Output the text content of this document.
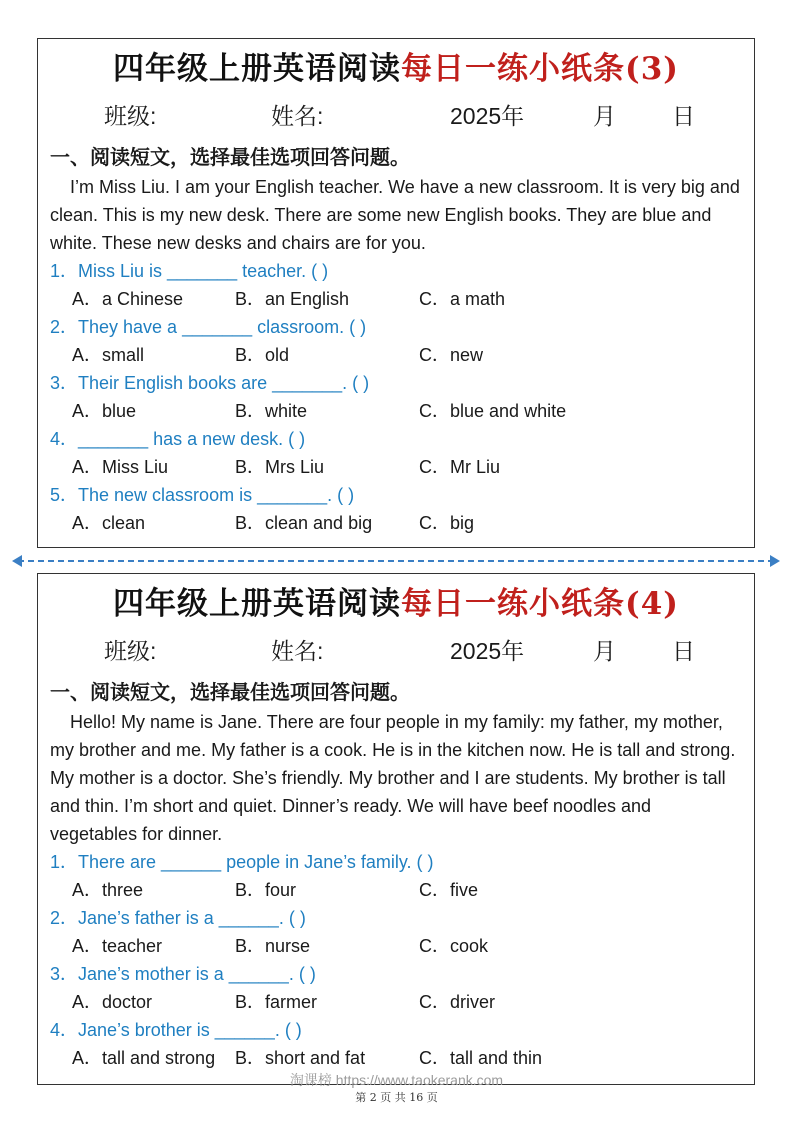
四年级上册英语阅读每日一练小纸条(3)
班级:	姓名:	2025年	月 日
一、阅读短文，选择最佳选项回答问题。

I’m Miss Liu. I am your English teacher. We have a new classroom. It is very big and clean. This is my new desk. There are some new English books. They are blue and white. These new desks and chairs are for you.

1．Miss Liu is _______ teacher. ( )
A．a Chinese	B．an English	C．a math
2．They have a _______ classroom. ( )
A．small	B．old	C．new
3．Their English books are _______. ( )
A．blue	B．white	C．blue and white
4．_______ has a new desk. ( )
A．Miss Liu	B．Mrs Liu	C．Mr Liu
5．The new classroom is _______. ( )
A．clean	B．clean and big	C．big
四年级上册英语阅读每日一练小纸条(4)
班级:	姓名:	2025年	月 日
一、阅读短文，选择最佳选项回答问题。

Hello! My name is Jane. There are four people in my family: my father, my mother, my brother and me. My father is a cook. He is in the kitchen now. He is tall and strong. My mother is a doctor. She’s friendly. My brother and I are students. My brother is tall and thin. I’m short and quiet. Dinner’s ready. We will have beef noodles and vegetables for dinner.

1．There are ______ people in Jane’s family. ( )
A．three	B．four	C．five
2．Jane’s father is a ______. ( )
A．teacher	B．nurse	C．cook
3．Jane’s mother is a ______. ( )
A．doctor	B．farmer	C．driver
4．Jane’s brother is ______. ( )
A．tall and strong B．short and fat	C．tall and thin
淘课榜 https://www.taokerank.com
第 2 页 共 16 页
